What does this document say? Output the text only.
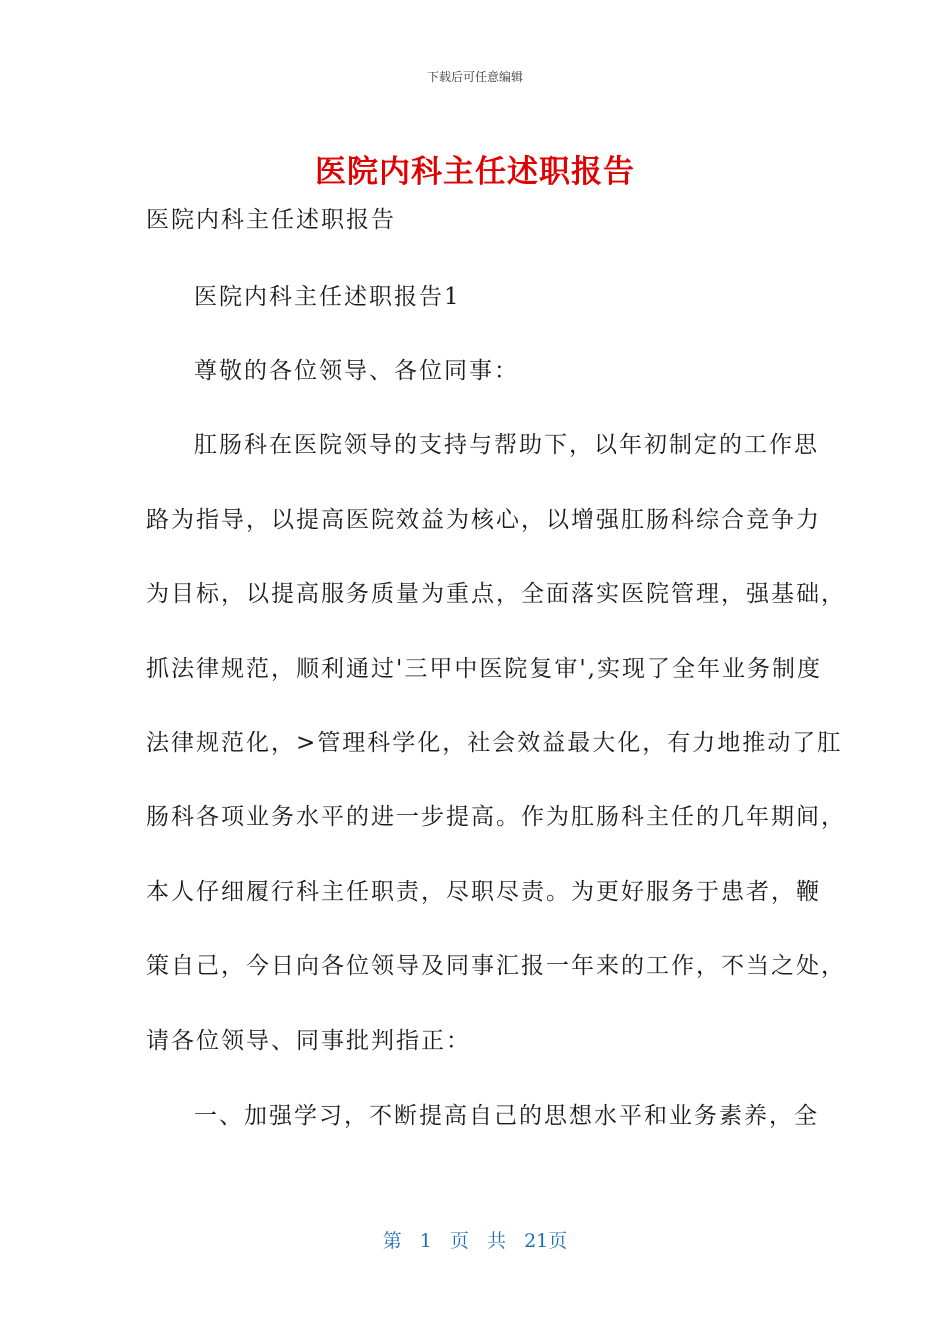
下载后可任意编辑
医院内科主任述职报告
医院内科主任述职报告
医院内科主任述职报告1
尊敬的各位领导、各位同事：
肛肠科在医院领导的支持与帮助下，以年初制定的工作思
路为指导，以提高医院效益为核心，以增强肛肠科综合竞争力
为目标，以提高服务质量为重点，全面落实医院管理，强基础，
抓法律规范，顺利通过'三甲中医院复审',实现了全年业务制度
法律规范化，>管理科学化，社会效益最大化，有力地推动了肛
肠科各项业务水平的进一步提高。作为肛肠科主任的几年期间，
本人仔细履行科主任职责，尽职尽责。为更好服务于患者，鞭
策自己，今日向各位领导及同事汇报一年来的工作，不当之处，
请各位领导、同事批判指正：
一、加强学习，不断提高自己的思想水平和业务素养，全
第 1 页 共 21页
